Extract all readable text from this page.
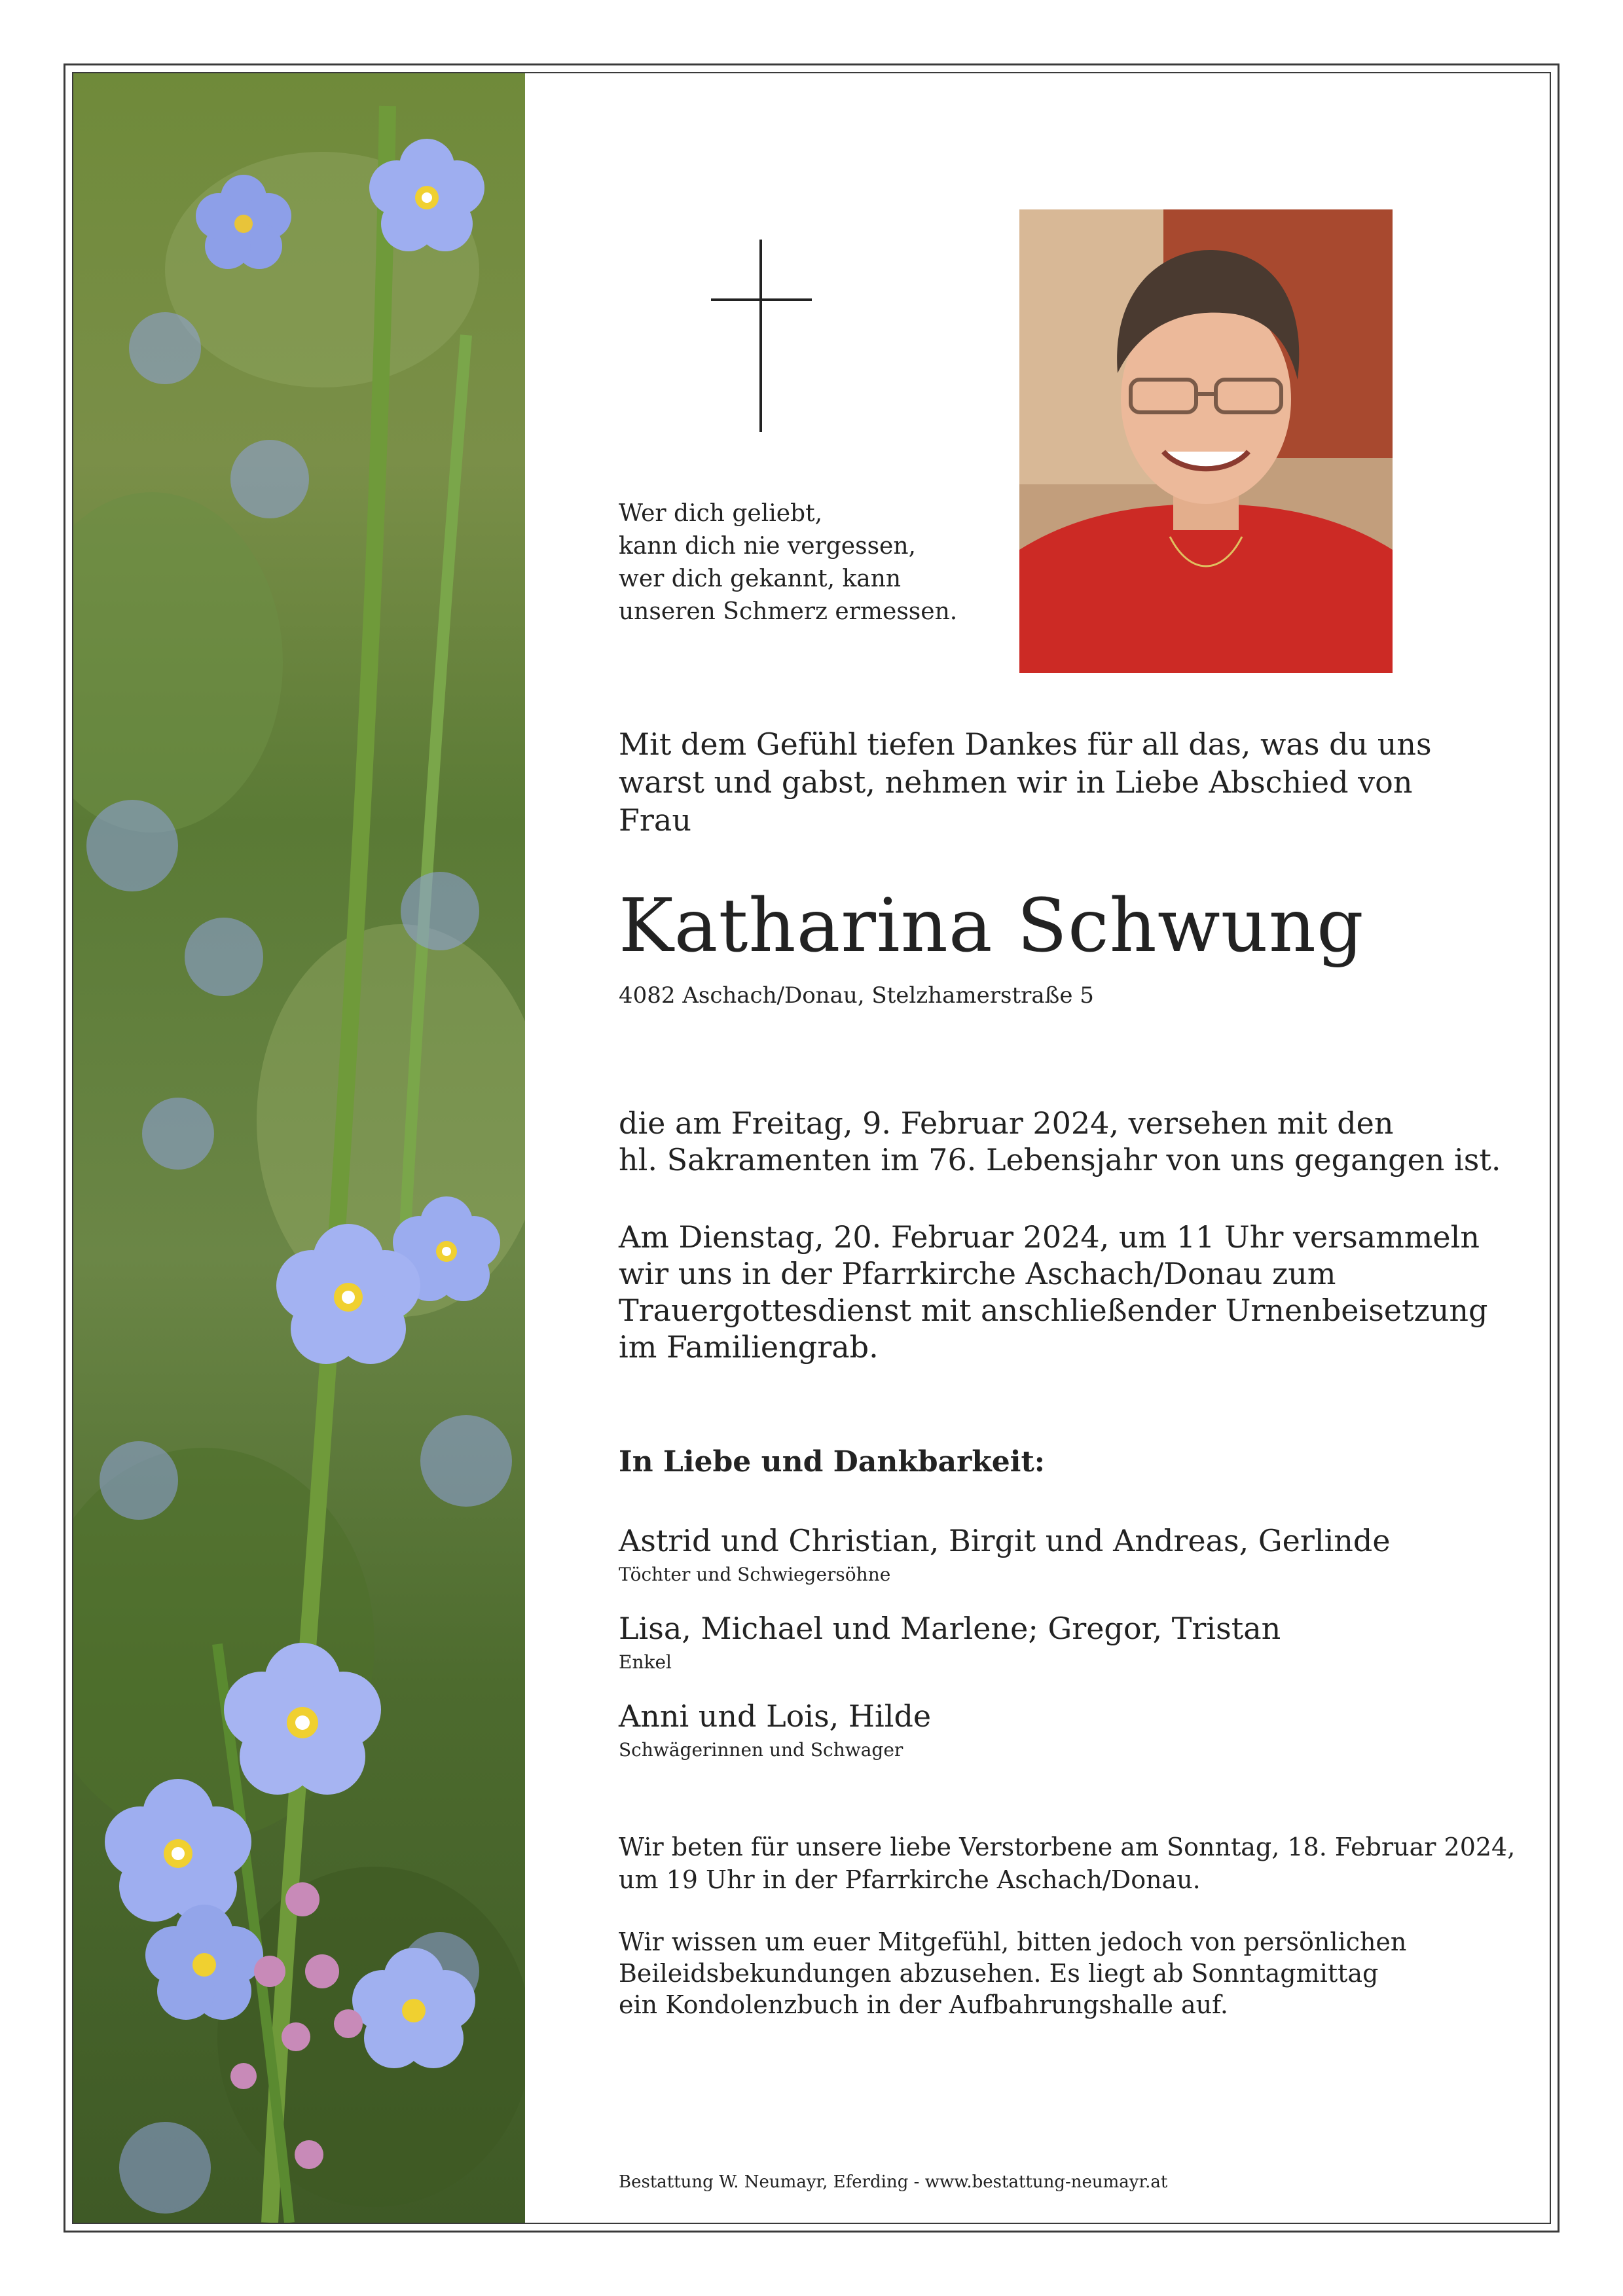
Wer dich geliebt,
kann dich nie vergessen,
wer dich gekannt, kann
unseren Schmerz ermessen.
Mit dem Gefühl tiefen Dankes für all das, was du uns
warst und gabst, nehmen wir in Liebe Abschied von
Frau
Katharina Schwung
4082 Aschach/Donau, Stelzhamerstraße 5
die am Freitag, 9. Februar 2024, versehen mit den
hl. Sakramenten im 76. Lebensjahr von uns gegangen ist.
Am Dienstag, 20. Februar 2024, um 11 Uhr versammeln
wir uns in der Pfarrkirche Aschach/Donau zum
Trauergottesdienst mit anschließender Urnenbeisetzung
im Familiengrab.
In Liebe und Dankbarkeit:
Astrid und Christian, Birgit und Andreas, Gerlinde
Töchter und Schwiegersöhne
Lisa, Michael und Marlene; Gregor, Tristan
Enkel
Anni und Lois, Hilde
Schwägerinnen und Schwager
Wir beten für unsere liebe Verstorbene am Sonntag, 18. Februar 2024,
um 19 Uhr in der Pfarrkirche Aschach/Donau.
Wir wissen um euer Mitgefühl, bitten jedoch von persönlichen
Beileidsbekundungen abzusehen. Es liegt ab Sonntagmittag
ein Kondolenzbuch in der Aufbahrungshalle auf.
Bestattung W. Neumayr, Eferding - www.bestattung-neumayr.at
